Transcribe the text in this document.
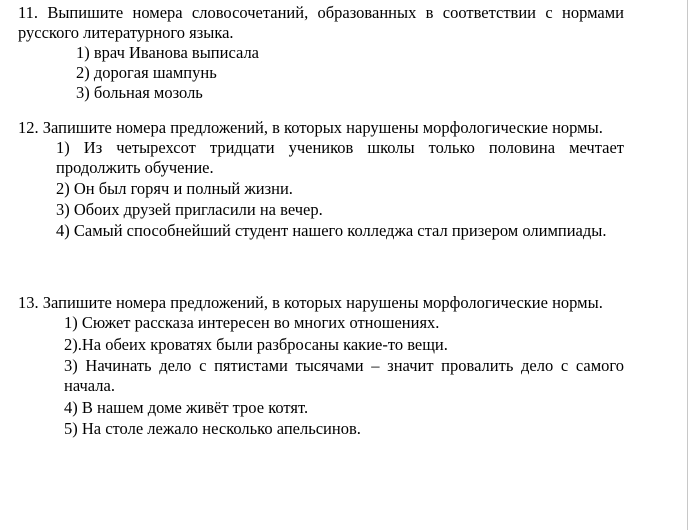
11. Выпишите номера словосочетаний, образованных в соответствии с нормами русского литературного языка.

1) врач Иванова выписала
2) дорогая шампунь
3) больная мозоль

12. Запишите номера предложений, в которых нарушены морфологические нормы.

1) Из четырехсот тридцати учеников школы только половина мечтает продолжить обучение.
2) Он был горяч и полный жизни.
3) Обоих друзей пригласили на вечер.
4) Самый способнейший студент нашего колледжа стал призером олимпиады.

13. Запишите номера предложений, в которых нарушены морфологические нормы.

1) Сюжет рассказа интересен во многих отношениях.
2).На обеих кроватях были разбросаны какие-то вещи.
3) Начинать дело с пятистами тысячами – значит провалить дело с самого начала.
4) В нашем доме живёт трое котят.
5) На столе лежало несколько апельсинов.
